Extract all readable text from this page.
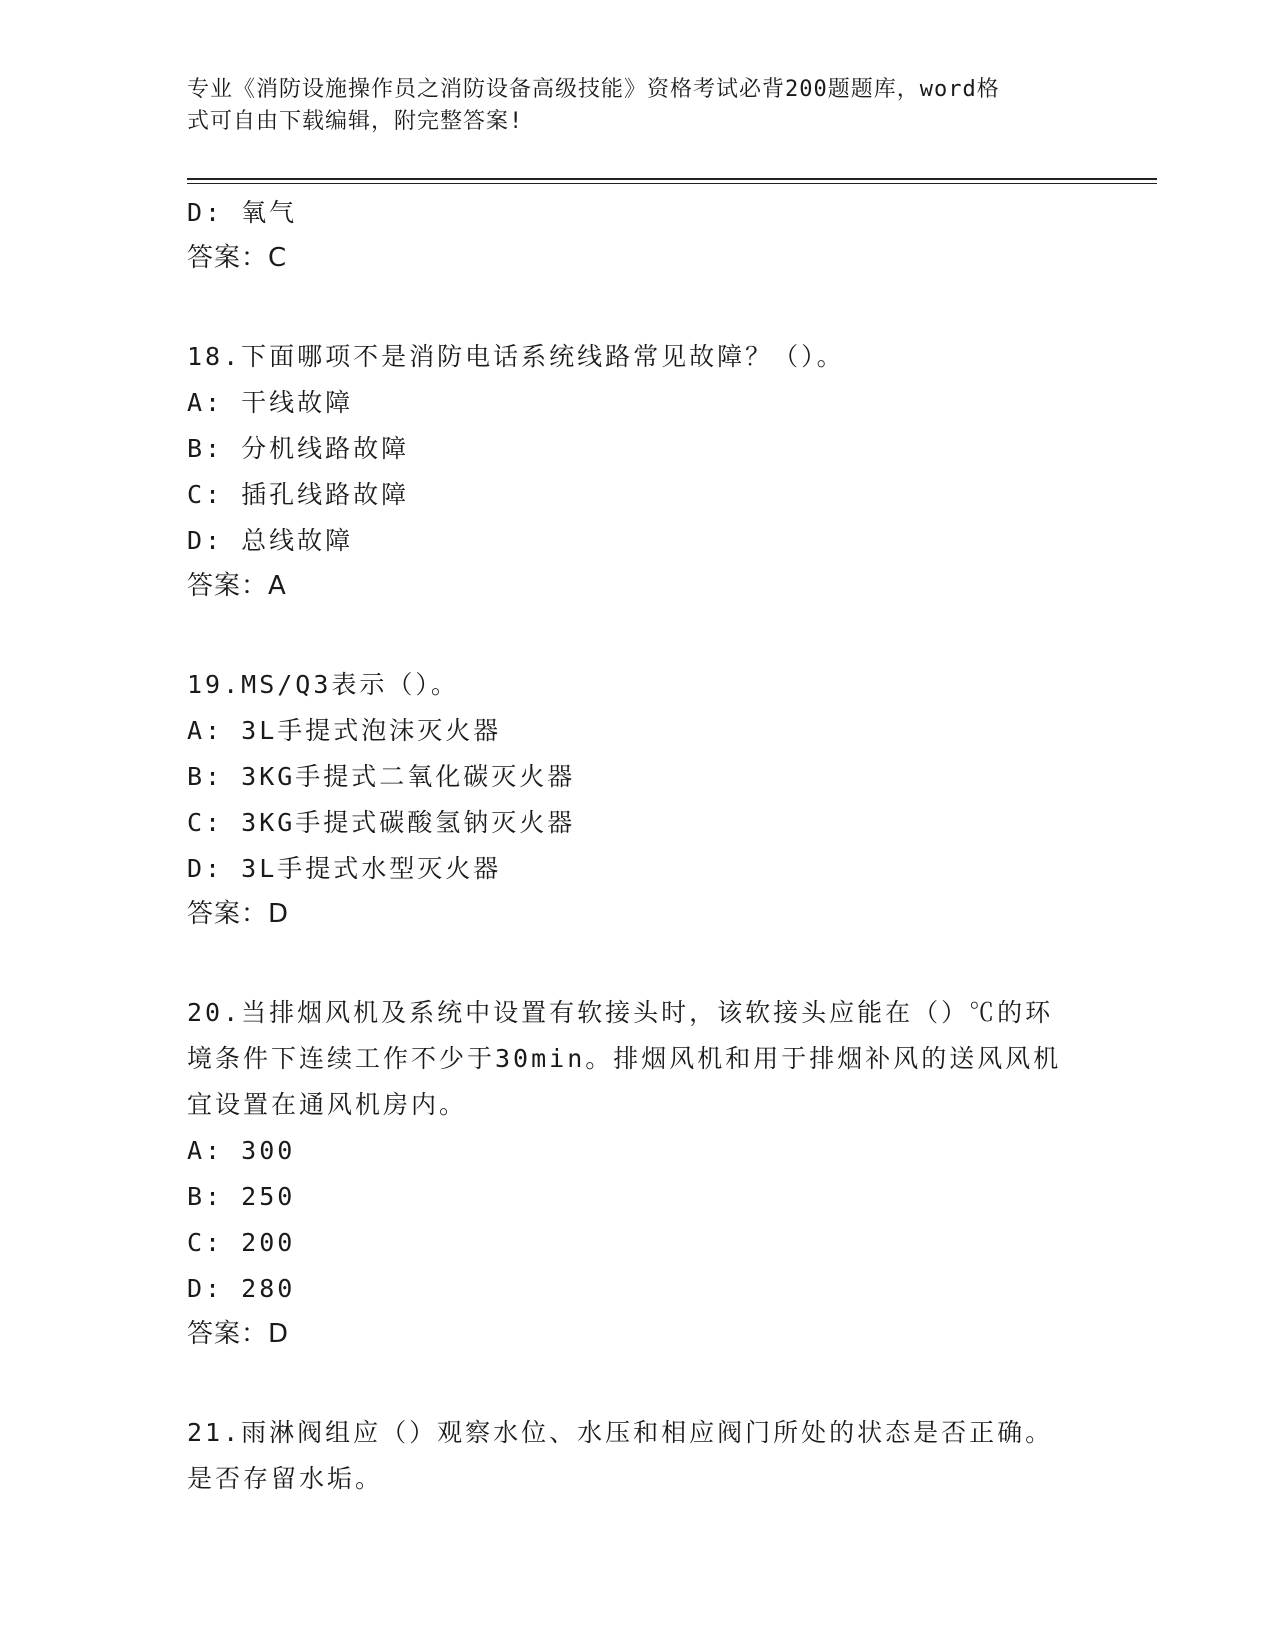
专业《消防设施操作员之消防设备高级技能》资格考试必背200题题库，word格
式可自由下载编辑，附完整答案!
D: 氧气
答案：C
18.下面哪项不是消防电话系统线路常见故障？（）。
A: 干线故障
B: 分机线路故障
C: 插孔线路故障
D: 总线故障
答案：A
19.MS/Q3表示（）。
A: 3L手提式泡沫灭火器
B: 3KG手提式二氧化碳灭火器
C: 3KG手提式碳酸氢钠灭火器
D: 3L手提式水型灭火器
答案：D
20.当排烟风机及系统中设置有软接头时，该软接头应能在（）℃的环
境条件下连续工作不少于30min。排烟风机和用于排烟补风的送风风机
宜设置在通风机房内。
A: 300
B: 250
C: 200
D: 280
答案：D
21.雨淋阀组应（）观察水位、水压和相应阀门所处的状态是否正确。
是否存留水垢。
